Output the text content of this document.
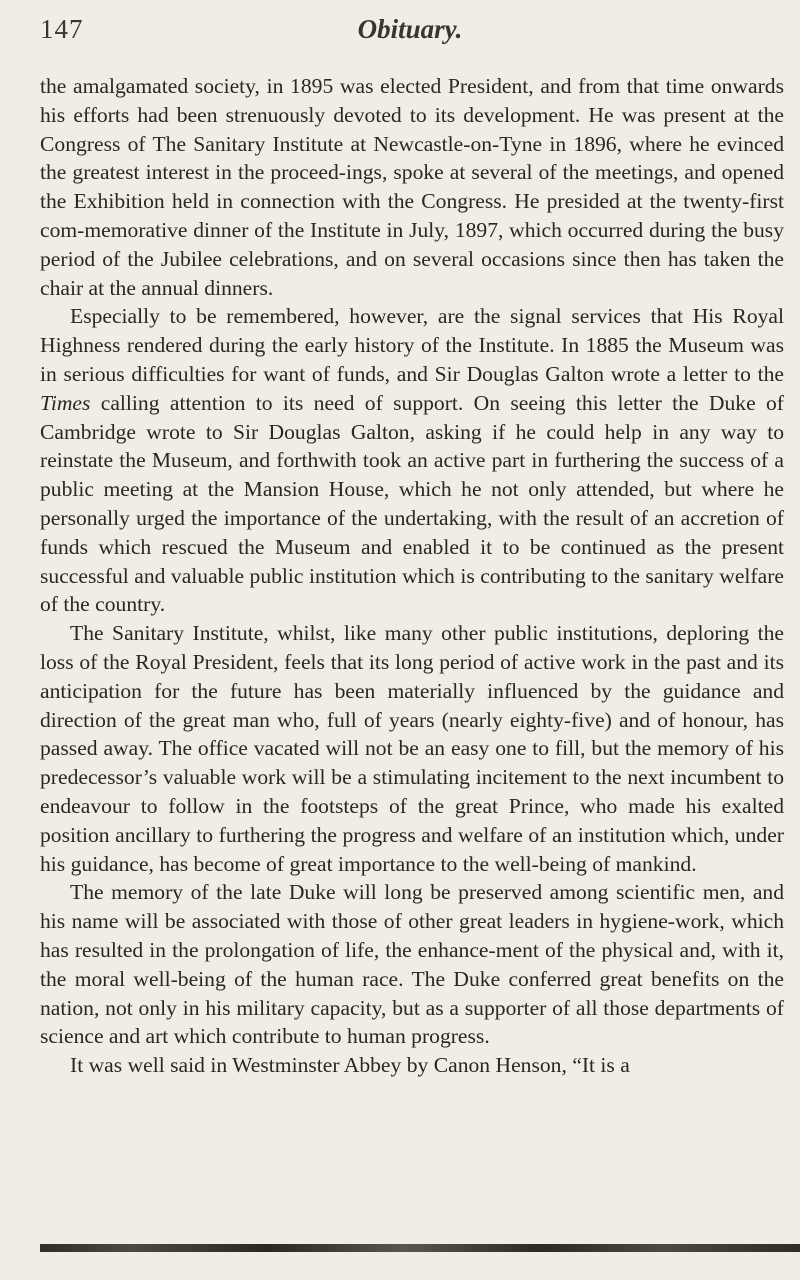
147	Obituary.

the amalgamated society, in 1895 was elected President, and from that time onwards his efforts had been strenuously devoted to its development. He was present at the Congress of The Sanitary Institute at Newcastle-on-Tyne in 1896, where he evinced the greatest interest in the proceed-ings, spoke at several of the meetings, and opened the Exhibition held in connection with the Congress. He presided at the twenty-first com-memorative dinner of the Institute in July, 1897, which occurred during the busy period of the Jubilee celebrations, and on several occasions since then has taken the chair at the annual dinners.

Especially to be remembered, however, are the signal services that His Royal Highness rendered during the early history of the Institute. In 1885 the Museum was in serious difficulties for want of funds, and Sir Douglas Galton wrote a letter to the Times calling attention to its need of support. On seeing this letter the Duke of Cambridge wrote to Sir Douglas Galton, asking if he could help in any way to reinstate the Museum, and forthwith took an active part in furthering the success of a public meeting at the Mansion House, which he not only attended, but where he personally urged the importance of the undertaking, with the result of an accretion of funds which rescued the Museum and enabled it to be continued as the present successful and valuable public institution which is contributing to the sanitary welfare of the country.

The Sanitary Institute, whilst, like many other public institutions, deploring the loss of the Royal President, feels that its long period of active work in the past and its anticipation for the future has been materially influenced by the guidance and direction of the great man who, full of years (nearly eighty-five) and of honour, has passed away. The office vacated will not be an easy one to fill, but the memory of his predecessor’s valuable work will be a stimulating incitement to the next incumbent to endeavour to follow in the footsteps of the great Prince, who made his exalted position ancillary to furthering the progress and welfare of an institution which, under his guidance, has become of great importance to the well-being of mankind.

The memory of the late Duke will long be preserved among scientific men, and his name will be associated with those of other great leaders in hygiene-work, which has resulted in the prolongation of life, the enhance-ment of the physical and, with it, the moral well-being of the human race. The Duke conferred great benefits on the nation, not only in his military capacity, but as a supporter of all those departments of science and art which contribute to human progress.

It was well said in Westminster Abbey by Canon Henson, “It is a
